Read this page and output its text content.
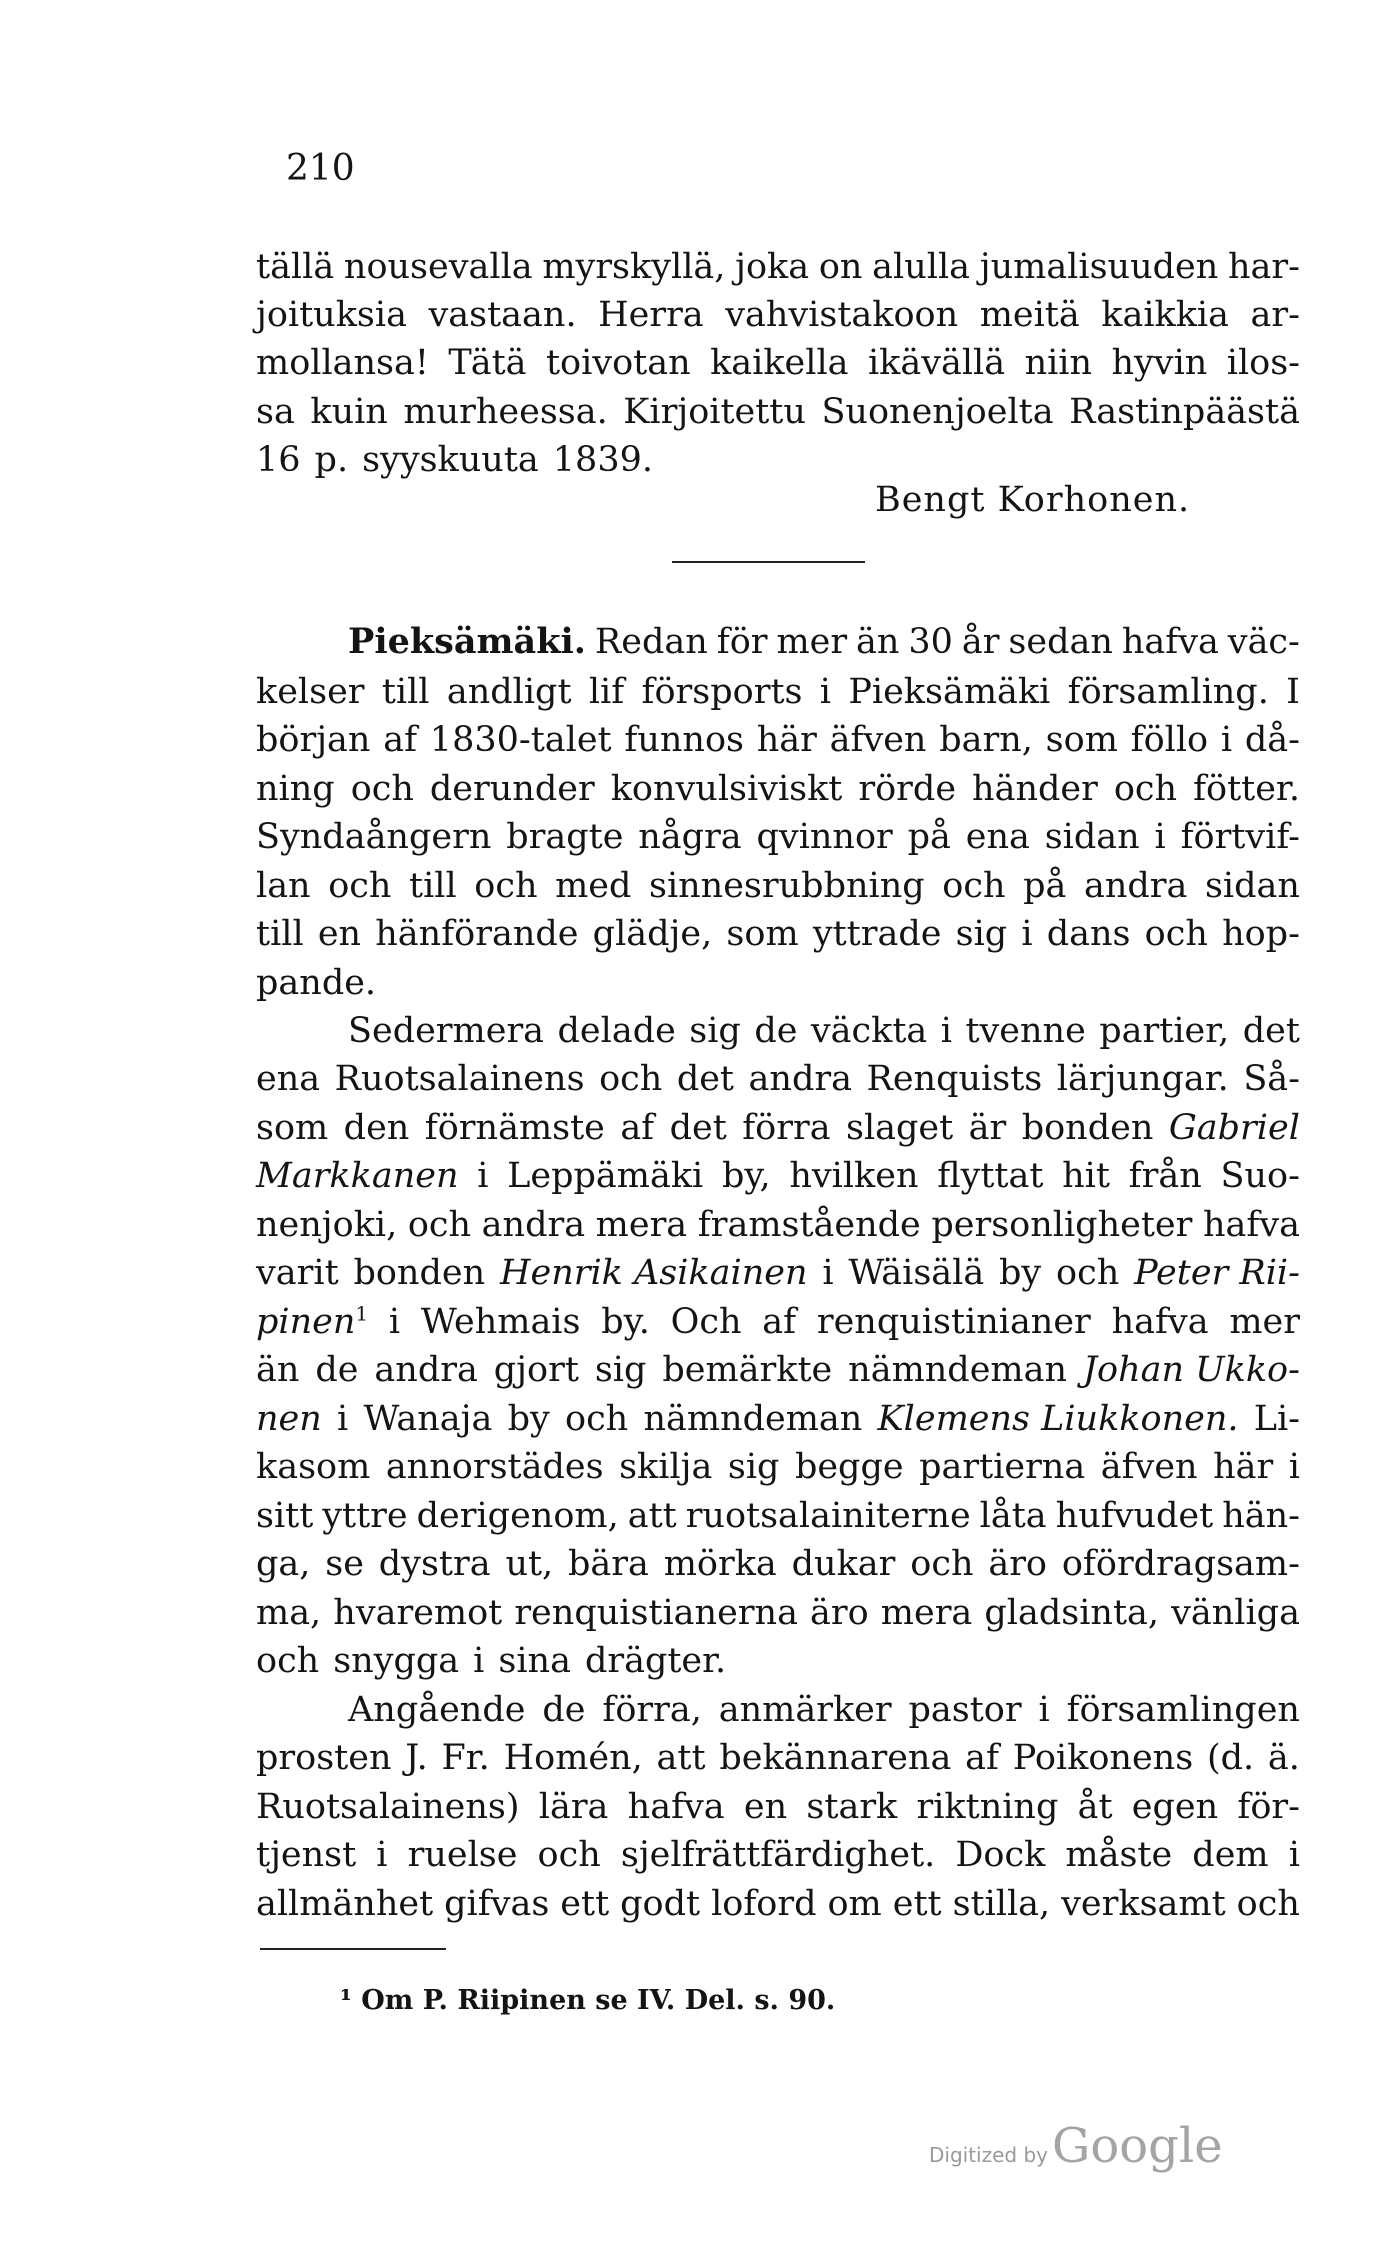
210
tällä nousevalla myrskyllä, joka on alulla jumalisuuden har-
joituksia vastaan. Herra vahvistakoon meitä kaikkia ar-
mollansa! Tätä toivotan kaikella ikävällä niin hyvin ilos-
sa kuin murheessa. Kirjoitettu Suonenjoelta Rastinpäästä
16 p. syyskuuta 1839.
Bengt Korhonen.
Pieksämäki. Redan för mer än 30 år sedan hafva väc-
kelser till andligt lif försports i Pieksämäki församling. I
början af 1830-talet funnos här äfven barn, som föllo i då-
ning och derunder konvulsiviskt rörde händer och fötter.
Syndaångern bragte några qvinnor på ena sidan i förtvif-
lan och till och med sinnesrubbning och på andra sidan
till en hänförande glädje, som yttrade sig i dans och hop-
pande.
Sedermera delade sig de väckta i tvenne partier, det
ena Ruotsalainens och det andra Renquists lärjungar. Så-
som den förnämste af det förra slaget är bonden Gabriel
Markkanen i Leppämäki by, hvilken flyttat hit från Suo-
nenjoki, och andra mera framstående personligheter hafva
varit bonden Henrik Asikainen i Wäisälä by och Peter Rii-
pinen$^1$ i Wehmais by. Och af renquistinianer hafva mer
än de andra gjort sig bemärkte nämndeman Johan Ukko-
nen i Wanaja by och nämndeman Klemens Liukkonen. Li-
kasom annorstädes skilja sig begge partierna äfven här i
sitt yttre derigenom, att ruotsalainiterne låta hufvudet hän-
ga, se dystra ut, bära mörka dukar och äro ofördragsam-
ma, hvaremot renquistianerna äro mera gladsinta, vänliga
och snygga i sina drägter.
Angående de förra, anmärker pastor i församlingen
prosten J. Fr. Homén, att bekännarena af Poikonens (d. ä.
Ruotsalainens) lära hafva en stark riktning åt egen för-
tjenst i ruelse och sjelfrättfärdighet. Dock måste dem i
allmänhet gifvas ett godt loford om ett stilla, verksamt och
¹ Om P. Riipinen se IV. Del. s. 90.
Digitized by Google
